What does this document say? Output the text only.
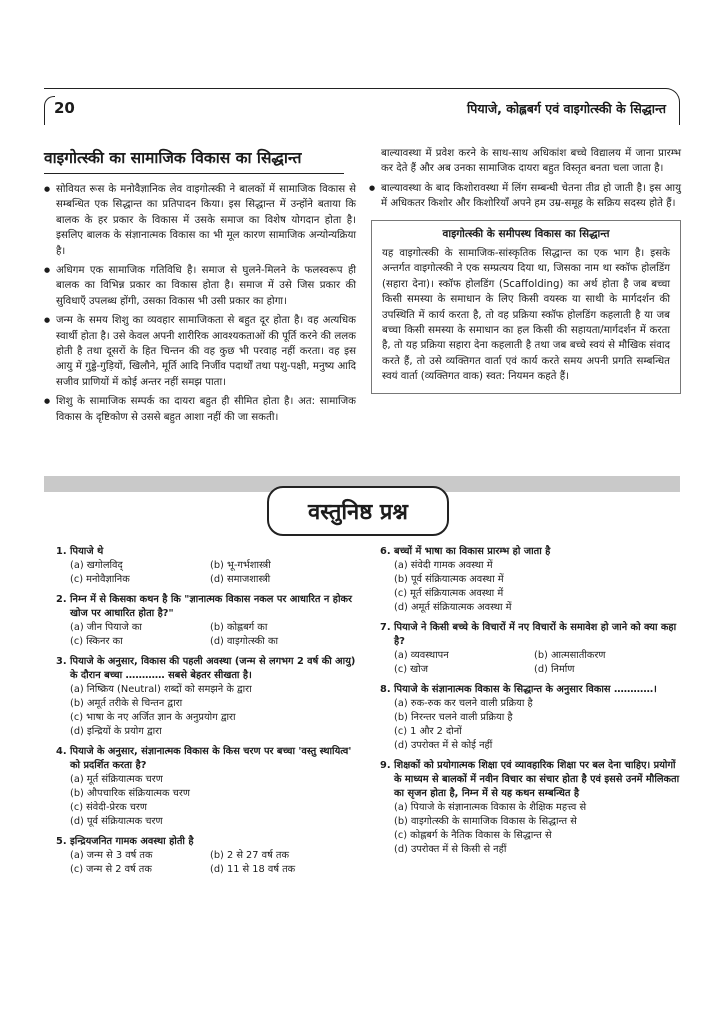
20	पियाजे, कोह्लबर्ग एवं वाइगोत्स्की के सिद्धान्त
वाइगोत्स्की का सामाजिक विकास का सिद्धान्त
● सोवियत रूस के मनोवैज्ञानिक लेव वाइगोत्स्की ने बालकों में सामाजिक विकास से सम्बन्धित एक सिद्धान्त का प्रतिपादन किया। इस सिद्धान्त में उन्होंने बताया कि बालक के हर प्रकार के विकास में उसके समाज का विशेष योगदान होता है। इसलिए बालक के संज्ञानात्मक विकास का भी मूल कारण सामाजिक अन्योन्यक्रिया है।
● अधिगम एक सामाजिक गतिविधि है। समाज से घुलने-मिलने के फलस्वरूप ही बालक का विभिन्न प्रकार का विकास होता है। समाज में उसे जिस प्रकार की सुविधाएँ उपलब्ध होंगी, उसका विकास भी उसी प्रकार का होगा।
● जन्म के समय शिशु का व्यवहार सामाजिकता से बहुत दूर होता है। वह अत्यधिक स्वार्थी होता है। उसे केवल अपनी शारीरिक आवश्यकताओं की पूर्ति करने की ललक होती है तथा दूसरों के हित चिन्तन की वह कुछ भी परवाह नहीं करता। वह इस आयु में गुड्डे-गुड़ियों, खिलौने, मूर्ति आदि निर्जीव पदार्थों तथा पशु-पक्षी, मनुष्य आदि सजीव प्राणियों में कोई अन्तर नहीं समझ पाता।
● शिशु के सामाजिक सम्पर्क का दायरा बहुत ही सीमित होता है। अत: सामाजिक विकास के दृष्टिकोण से उससे बहुत आशा नहीं की जा सकती।
बाल्यावस्था में प्रवेश करने के साथ-साथ अधिकांश बच्चे विद्यालय में जाना प्रारम्भ कर देते हैं और अब उनका सामाजिक दायरा बहुत विस्तृत बनता चला जाता है।
● बाल्यावस्था के बाद किशोरावस्था में लिंग सम्बन्धी चेतना तीव्र हो जाती है। इस आयु में अधिकतर किशोर और किशोरियाँ अपने हम उम्र-समूह के सक्रिय सदस्य होते हैं।
वाइगोत्स्की के समीपस्थ विकास का सिद्धान्त
यह वाइगोत्स्की के सामाजिक-सांस्कृतिक सिद्धान्त का एक भाग है। इसके अन्तर्गत वाइगोत्स्की ने एक सम्प्रत्यय दिया था, जिसका नाम था स्कॉफ होलडिंग (सहारा देना)। स्कॉफ होलडिंग (Scaffolding) का अर्थ होता है जब बच्चा किसी समस्या के समाधान के लिए किसी वयस्क या साथी के मार्गदर्शन की उपस्थिति में कार्य करता है, तो वह प्रक्रिया स्कॉफ होलडिंग कहलाती है या जब बच्चा किसी समस्या के समाधान का हल किसी की सहायता/मार्गदर्शन में करता है, तो यह प्रक्रिया सहारा देना कहलाती है तथा जब बच्चे स्वयं से मौखिक संवाद करते हैं, तो उसे व्यक्तिगत वार्ता एवं कार्य करते समय अपनी प्रगति सम्बन्धित स्वयं वार्ता (व्यक्तिगत वाक) स्वत: नियमन कहते हैं।
वस्तुनिष्ठ प्रश्न
1. पियाजे थे
(a) खगोलविद्	(b) भू-गर्भशास्त्री
(c) मनोवैज्ञानिक	(d) समाजशास्त्री
2. निम्न में से किसका कथन है कि "ज्ञानात्मक विकास नकल पर आधारित न होकर खोज पर आधारित होता है?"
(a) जीन पियाजे का	(b) कोह्लबर्ग का
(c) स्किनर का	(d) वाइगोत्स्की का
3. पियाजे के अनुसार, विकास की पहली अवस्था (जन्म से लगभग 2 वर्ष की आयु) के दौरान बच्चा ………… सबसे बेहतर सीखता है।
(a) निष्क्रिय (Neutral) शब्दों को समझने के द्वारा
(b) अमूर्त तरीके से चिन्तन द्वारा
(c) भाषा के नए अर्जित ज्ञान के अनुप्रयोग द्वारा
(d) इन्द्रियों के प्रयोग द्वारा
4. पियाजे के अनुसार, संज्ञानात्मक विकास के किस चरण पर बच्चा 'वस्तु स्थायित्व' को प्रदर्शित करता है?
(a) मूर्त संक्रियात्मक चरण
(b) औपचारिक संक्रियात्मक चरण
(c) संवेदी-प्रेरक चरण
(d) पूर्व संक्रियात्मक चरण
5. इन्द्रियजनित गामक अवस्था होती है
(a) जन्म से 3 वर्ष तक	(b) 2 से 27 वर्ष तक
(c) जन्म से 2 वर्ष तक	(d) 11 से 18 वर्ष तक
6. बच्चों में भाषा का विकास प्रारम्भ हो जाता है
(a) संवेदी गामक अवस्था में
(b) पूर्व संक्रियात्मक अवस्था में
(c) मूर्त संक्रियात्मक अवस्था में
(d) अमूर्त संक्रियात्मक अवस्था में
7. पियाजे ने किसी बच्चे के विचारों में नए विचारों के समावेश हो जाने को क्या कहा है?
(a) व्यवस्थापन	(b) आत्मसातीकरण
(c) खोज	(d) निर्माण
8. पियाजे के संज्ञानात्मक विकास के सिद्धान्त के अनुसार विकास …………।
(a) रुक-रुक कर चलने वाली प्रक्रिया है
(b) निरन्तर चलने वाली प्रक्रिया है
(c) 1 और 2 दोनों
(d) उपरोक्त में से कोई नहीं
9. शिक्षकों को प्रयोगात्मक शिक्षा एवं व्यावहारिक शिक्षा पर बल देना चाहिए। प्रयोगों के माध्यम से बालकों में नवीन विचार का संचार होता है एवं इससे उनमें मौलिकता का सृजन होता है, निम्न में से यह कथन सम्बन्धित है
(a) पियाजे के संज्ञानात्मक विकास के शैक्षिक महत्त्व से
(b) वाइगोत्स्की के सामाजिक विकास के सिद्धान्त से
(c) कोह्लबर्ग के नैतिक विकास के सिद्धान्त से
(d) उपरोक्त में से किसी से नहीं
